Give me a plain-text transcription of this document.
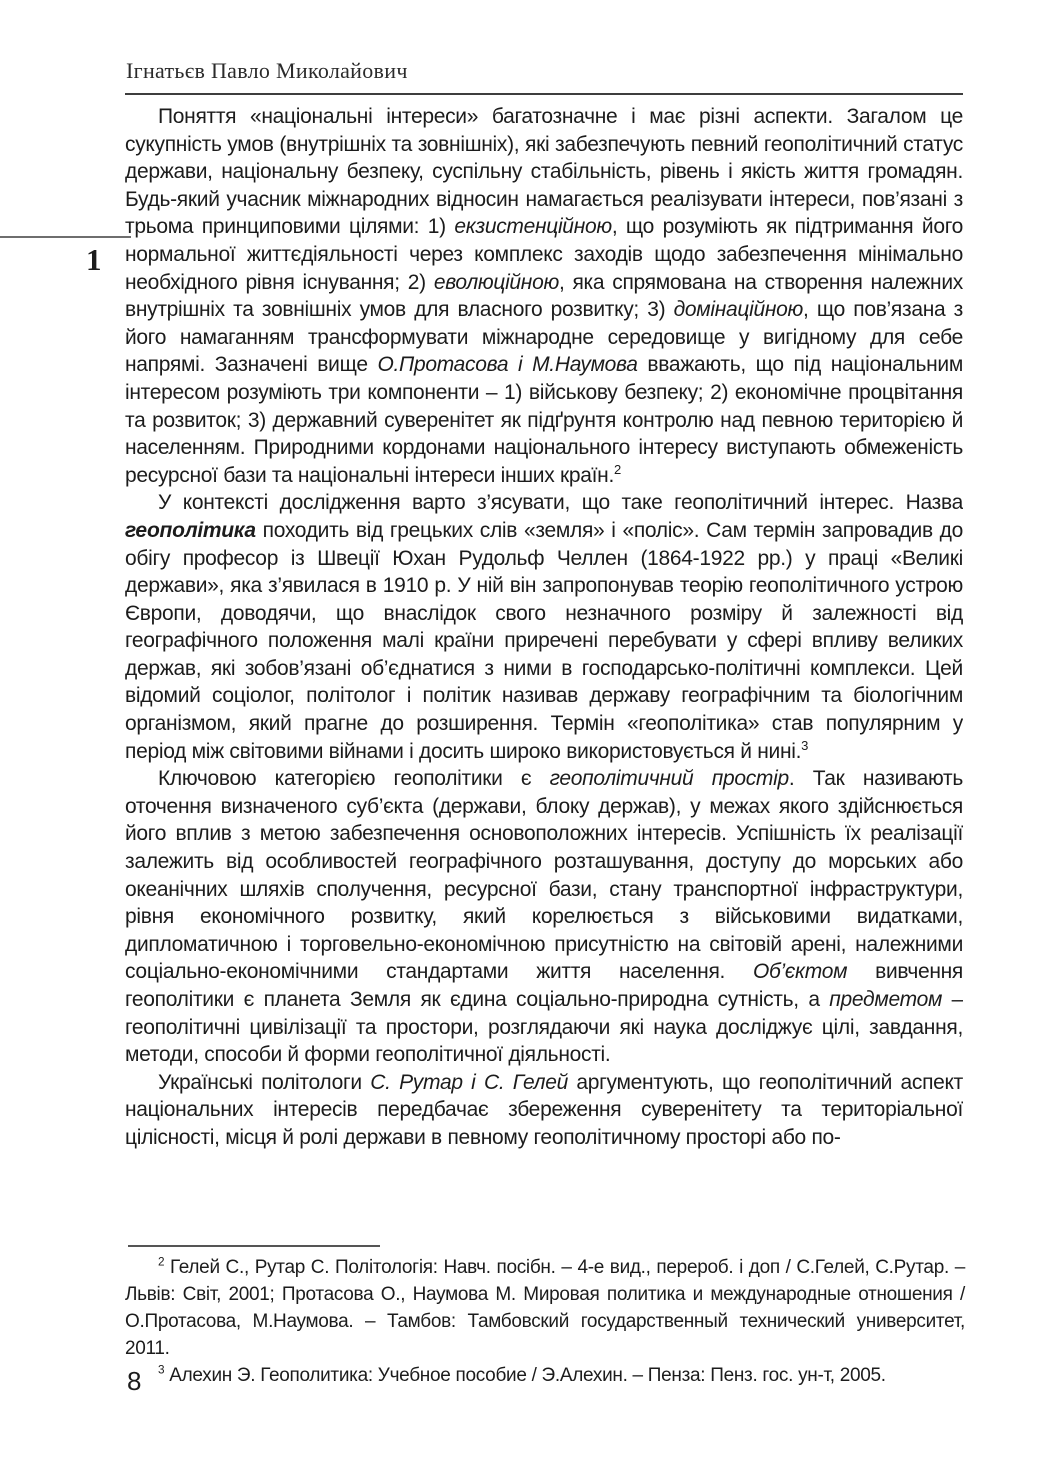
Ігнатьєв Павло Миколайович
1

Поняття «національні інтереси» багатозначне і має різні аспекти. Загалом це сукупність умов (внутрішніх та зовнішніх), які забезпечують певний геополітичний статус держави, національну безпеку, суспільну стабільність, рівень і якість життя громадян. Будь-який учасник міжнародних відносин намагається реалізувати інтереси, пов’язані з трьома принциповими цілями: 1) екзистенційною, що розуміють як підтримання його нормальної життєдіяльності через комплекс заходів щодо забезпечення мінімально необхідного рівня існування; 2) еволюційною, яка спрямована на створення належних внутрішніх та зовнішніх умов для власного розвитку; 3) домінаційною, що пов’язана з його намаганням трансформувати міжнародне середовище у вигідному для себе напрямі. Зазначені вище О.Протасова і М.Наумова вважають, що під національним інтересом розуміють три компоненти – 1) військову безпеку; 2) економічне процвітання та розвиток; 3) державний суверенітет як підґрунтя контролю над певною територією й населенням. Природними кордонами національного інтересу виступають обмеженість ресурсної бази та національні інтереси інших країн.$^2$

У контексті дослідження варто з’ясувати, що таке геополітичний інтерес. Назва геополітика походить від грецьких слів «земля» і «поліс». Сам термін запровадив до обігу професор із Швеції Юхан Рудольф Челлен (1864-1922 рр.) у праці «Великі держави», яка з’явилася в 1910 р. У ній він запропонував теорію геополітичного устрою Європи, доводячи, що внаслідок свого незначного розміру й залежності від географічного положення малі країни приречені перебувати у сфері впливу великих держав, які зобов’язані об’єднатися з ними в господарсько-політичні комплекси. Цей відомий соціолог, політолог і політик називав державу географічним та біологічним організмом, який прагне до розширення. Термін «геополітика» став популярним у період між світовими війнами і досить широко використовується й нині.$^3$

Ключовою категорією геополітики є геополітичний простір. Так називають оточення визначеного суб’єкта (держави, блоку держав), у межах якого здійснюється його вплив з метою забезпечення основоположних інтересів. Успішність їх реалізації залежить від особливостей географічного розташування, доступу до морських або океанічних шляхів сполучення, ресурсної бази, стану транспортної інфраструктури, рівня економічного розвитку, який корелюється з військовими видатками, дипломатичною і торговельно-економічною присутністю на світовій арені, належними соціально-економічними стандартами життя населення. Об’єктом вивчення геополітики є планета Земля як єдина соціально-природна сутність, а предметом – геополітичні цивілізації та простори, розглядаючи які наука досліджує цілі, завдання, методи, способи й форми геополітичної діяльності.

Українські політологи С. Рутар і С. Гелей аргументують, що геополітичний аспект національних інтересів передбачає збереження суверенітету та територіальної цілісності, місця й ролі держави в певному геополітичному просторі або по-

$^2$ Гелей С., Рутар С. Політологія: Навч. посібн. – 4-е вид., перероб. і доп / С.Гелей, С.Рутар. – Львів: Світ, 2001; Протасова О., Наумова М. Мировая политика и международные отношения / О.Протасова, М.Наумова. – Тамбов: Тамбовский государственный технический университет, 2011.

$^3$ Алехин Э. Геополитика: Учебное пособие / Э.Алехин. – Пенза: Пенз. гос. ун-т, 2005.

8
